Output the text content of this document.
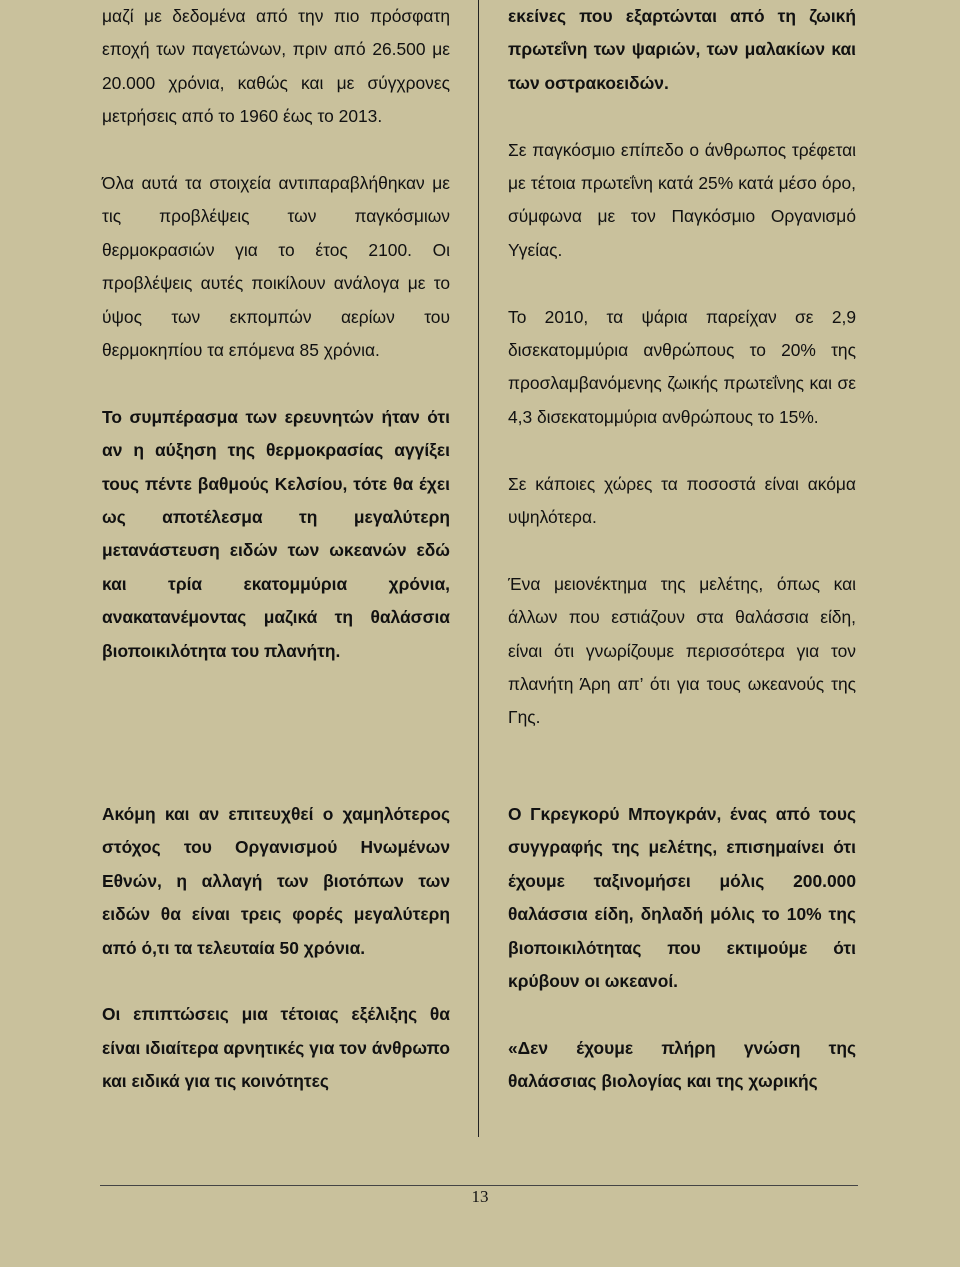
μαζί με δεδομένα από την πιο πρόσφατη εποχή των παγετώνων, πριν από 26.500 με 20.000 χρόνια, καθώς και με σύγχρονες μετρήσεις από το 1960 έως το 2013.

Όλα αυτά τα στοιχεία αντιπαραβλήθηκαν με τις προβλέψεις των παγκόσμιων θερμοκρασιών για το έτος 2100. Οι προβλέψεις αυτές ποικίλουν ανάλογα με το ύψος των εκπομπών αερίων του θερμοκηπίου τα επόμενα 85 χρόνια.

Το συμπέρασμα των ερευνητών ήταν ότι αν η αύξηση της θερμοκρασίας αγγίξει τους πέντε βαθμούς Κελσίου, τότε θα έχει ως αποτέλεσμα τη μεγαλύτερη μετανάστευση ειδών των ωκεανών εδώ και τρία εκατομμύρια χρόνια, ανακατανέμοντας μαζικά τη θαλάσσια βιοποικιλότητα του πλανήτη.

Ακόμη και αν επιτευχθεί ο χαμηλότερος στόχος του Οργανισμού Ηνωμένων Εθνών, η αλλαγή των βιοτόπων των ειδών θα είναι τρεις φορές μεγαλύτερη από ό,τι τα τελευταία 50 χρόνια.

Οι επιπτώσεις μια τέτοιας εξέλιξης θα είναι ιδιαίτερα αρνητικές για τον άνθρωπο και ειδικά για τις κοινότητες

εκείνες που εξαρτώνται από τη ζωική πρωτεΐνη των ψαριών, των μαλακίων και των οστρακοειδών.

Σε παγκόσμιο επίπεδο ο άνθρωπος τρέφεται με τέτοια πρωτεΐνη κατά 25% κατά μέσο όρο, σύμφωνα με τον Παγκόσμιο Οργανισμό Υγείας.

Το 2010, τα ψάρια παρείχαν σε 2,9 δισεκατομμύρια ανθρώπους το 20% της προσλαμβανόμενης ζωικής πρωτεΐνης και σε 4,3 δισεκατομμύρια ανθρώπους το 15%.

Σε κάποιες χώρες τα ποσοστά είναι ακόμα υψηλότερα.

Ένα μειονέκτημα της μελέτης, όπως και άλλων που εστιάζουν στα θαλάσσια είδη, είναι ότι γνωρίζουμε περισσότερα για τον πλανήτη Άρη απ’ ότι για τους ωκεανούς της Γης.

Ο Γκρεγκορύ Μπογκράν, ένας από τους συγγραφής της μελέτης, επισημαίνει ότι έχουμε ταξινομήσει μόλις 200.000 θαλάσσια είδη, δηλαδή μόλις το 10% της βιοποικιλότητας που εκτιμούμε ότι κρύβουν οι ωκεανοί.

«Δεν έχουμε πλήρη γνώση της θαλάσσιας βιολογίας και της χωρικής

13
